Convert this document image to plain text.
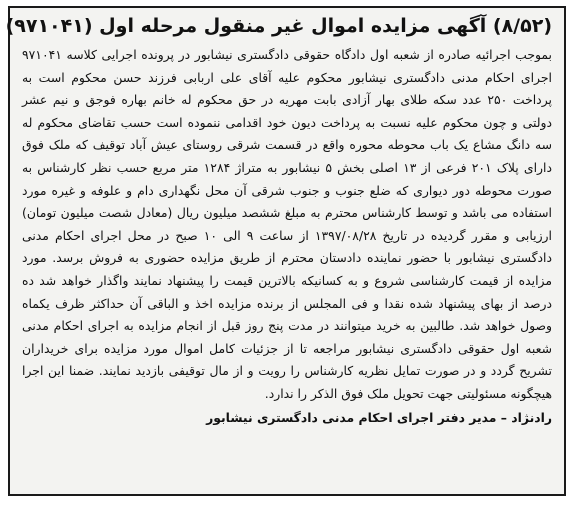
(۸/۵۲) آگهی مزایده اموال غیر منقول مرحله اول (۹۷۱۰۴۱)

بموجب اجرائیه صادره از شعبه اول دادگاه حقوقی دادگستری نیشابور در پرونده اجرایی کلاسه ۹۷۱۰۴۱ اجرای احکام مدنی دادگستری نیشابور محکوم علیه آقای علی اربابی فرزند حسن محکوم است به پرداخت ۲۵۰ عدد سکه طلای بهار آزادی بابت مهریه در حق محکوم له خانم بهاره فوجق و نیم عشر دولتی و چون محکوم علیه نسبت به پرداخت دیون خود اقدامی ننموده است حسب تقاضای محکوم له سه دانگ مشاع یک باب محوطه محوره واقع در قسمت شرقی روستای عیش آباد توقیف که ملک فوق دارای پلاک ۲۰۱ فرعی از ۱۳ اصلی بخش ۵ نیشابور به متراژ ۱۲۸۴ متر مربع حسب نظر کارشناس به صورت محوطه دور دیواری که ضلع جنوب و جنوب شرقی آن محل نگهداری دام و علوفه و غیره مورد استفاده می باشد و توسط کارشناس محترم به مبلغ ششصد میلیون ریال (معادل شصت میلیون تومان) ارزیابی و مقرر گردیده در تاریخ ۱۳۹۷/۰۸/۲۸ از ساعت ۹ الی ۱۰ صبح در محل اجرای احکام مدنی دادگستری نیشابور با حضور نماینده دادستان محترم از طریق مزایده حضوری به فروش برسد. مورد مزایده از قیمت کارشناسی شروع و به کسانیکه بالاترین قیمت را پیشنهاد نمایند واگذار خواهد شد ده درصد از بهای پیشنهاد شده نقدا و فی المجلس از برنده مزایده اخذ و الباقی آن حداکثر ظرف یکماه وصول خواهد شد. طالبین به خرید میتوانند در مدت پنج روز قبل از انجام مزایده به اجرای احکام مدنی شعبه اول حقوقی دادگستری نیشابور مراجعه تا از جزئیات کامل اموال مورد مزایده برای خریداران تشریح گردد و در صورت تمایل نظریه کارشناس را رویت و از مال توقیفی بازدید نمایند. ضمنا این اجرا هیچگونه مسئولیتی جهت تحویل ملک فوق الذکر را ندارد.

رادنژاد – مدیر دفتر اجرای احکام مدنی دادگستری نیشابور
